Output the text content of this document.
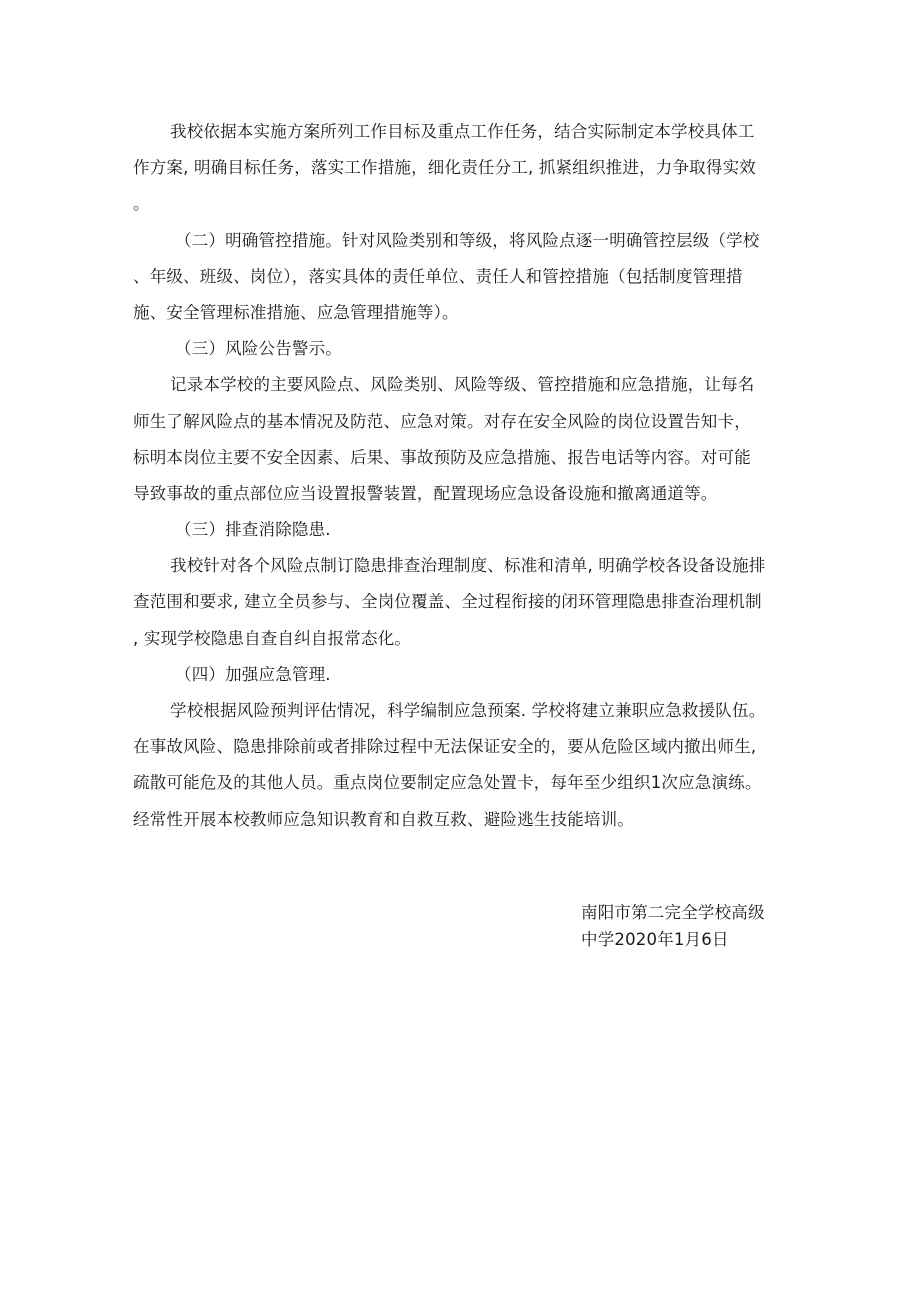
我校依据本实施方案所列工作目标及重点工作任务，结合实际制定本学校具体工
作方案, 明确目标任务，落实工作措施，细化责任分工, 抓紧组织推进，力争取得实效
。
（二）明确管控措施。针对风险类别和等级，将风险点逐一明确管控层级（学校
、年级、班级、岗位），落实具体的责任单位、责任人和管控措施（包括制度管理措
施、安全管理标准措施、应急管理措施等）。
（三）风险公告警示。
记录本学校的主要风险点、风险类别、风险等级、管控措施和应急措施，让每名
师生了解风险点的基本情况及防范、应急对策。对存在安全风险的岗位设置告知卡，
标明本岗位主要不安全因素、后果、事故预防及应急措施、报告电话等内容。对可能
导致事故的重点部位应当设置报警装置，配置现场应急设备设施和撤离通道等。
（三）排查消除隐患.
我校针对各个风险点制订隐患排查治理制度、标准和清单, 明确学校各设备设施排
查范围和要求, 建立全员参与、全岗位覆盖、全过程衔接的闭环管理隐患排查治理机制
, 实现学校隐患自查自纠自报常态化。
（四）加强应急管理.
学校根据风险预判评估情况，科学编制应急预案. 学校将建立兼职应急救援队伍。
在事故风险、隐患排除前或者排除过程中无法保证安全的，要从危险区域内撤出师生,
疏散可能危及的其他人员。重点岗位要制定应急处置卡，每年至少组织1次应急演练。
经常性开展本校教师应急知识教育和自救互救、避险逃生技能培训。
南阳市第二完全学校高级
中学2020年1月6日
